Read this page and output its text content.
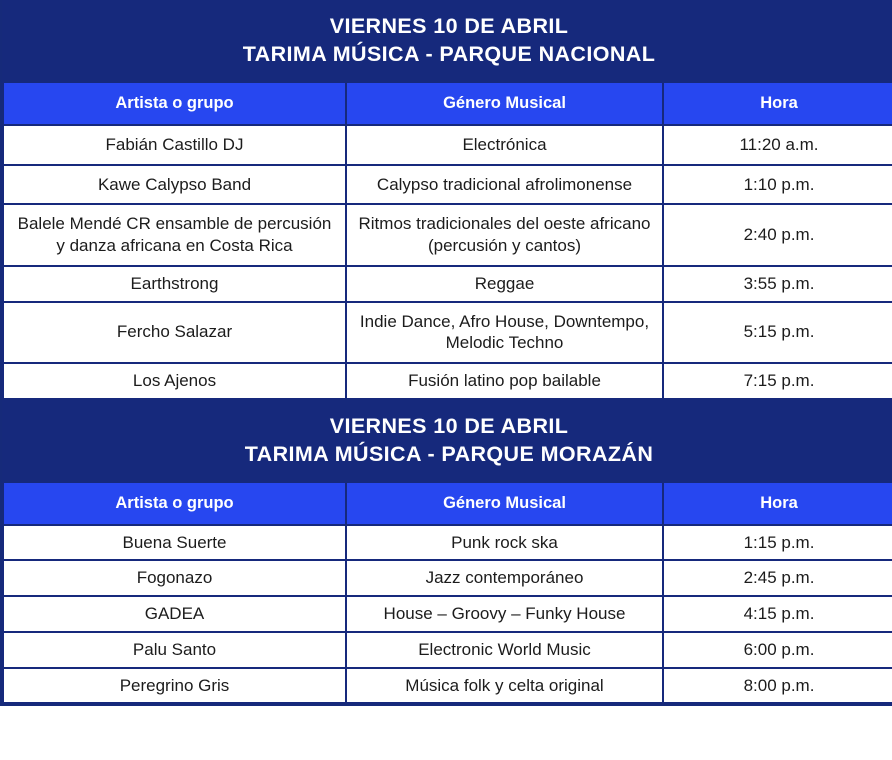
VIERNES 10 DE ABRIL
TARIMA MÚSICA - PARQUE NACIONAL		

Artista o grupo	Género Musical	Hora
Fabián Castillo DJ	Electrónica	11:20 a.m.
Kawe Calypso Band	Calypso tradicional afrolimonense	1:10 p.m.
Balele Mendé CR ensamble de percusión y danza africana en Costa Rica	Ritmos tradicionales del oeste africano (percusión y cantos)	2:40 p.m.
Earthstrong	Reggae	3:55 p.m.
Fercho Salazar	Indie Dance, Afro House, Downtempo, Melodic Techno	5:15 p.m.
Los Ajenos	Fusión latino pop bailable	7:15 p.m.
VIERNES 10 DE ABRIL
TARIMA MÚSICA - PARQUE MORAZÁN		

Artista o grupo	Género Musical	Hora
Buena Suerte	Punk rock ska	1:15 p.m.
Fogonazo	Jazz contemporáneo	2:45 p.m.
GADEA	House – Groovy – Funky House	4:15 p.m.
Palu Santo	Electronic World Music	6:00 p.m.
Peregrino Gris	Música folk y celta original	8:00 p.m.
